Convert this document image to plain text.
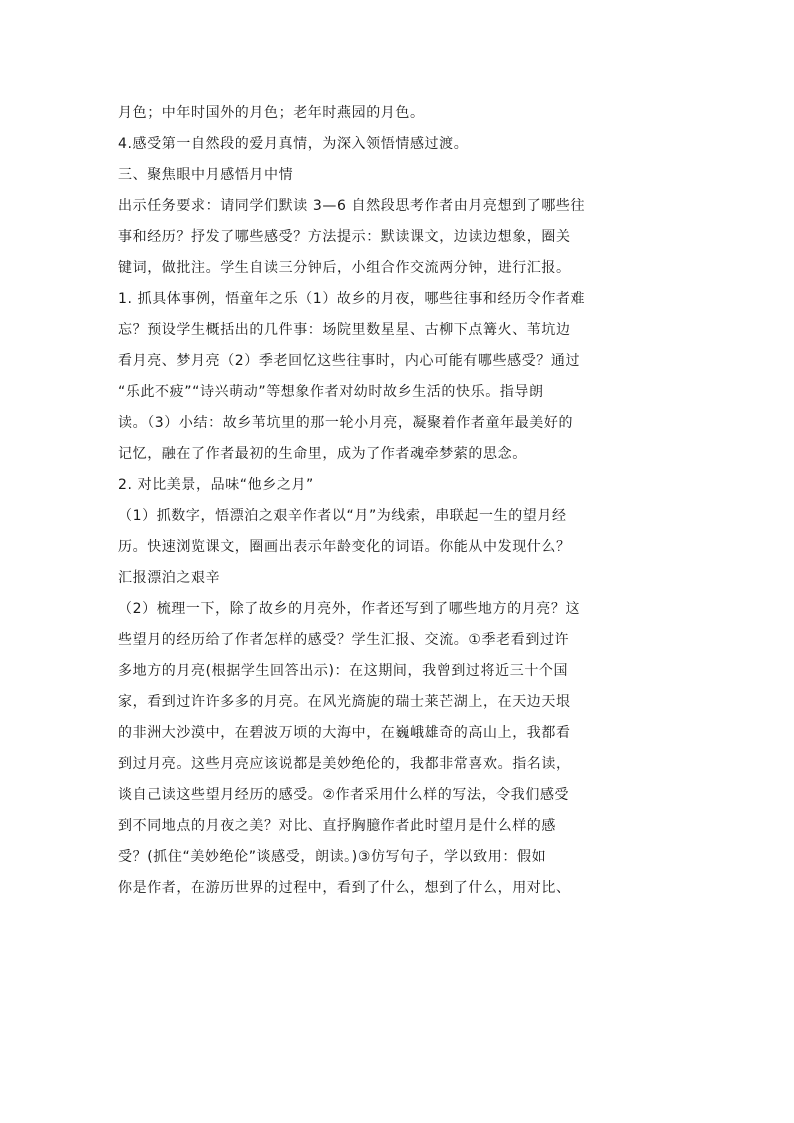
月色；中年时国外的月色；老年时燕园的月色。
4.感受第一自然段的爱月真情，为深入领悟情感过渡。
三、聚焦眼中月感悟月中情
出示任务要求：请同学们默读 3—6 自然段思考作者由月亮想到了哪些往
事和经历？抒发了哪些感受？方法提示：默读课文，边读边想象，圈关
键词，做批注。学生自读三分钟后，小组合作交流两分钟，进行汇报。
1. 抓具体事例，悟童年之乐（1）故乡的月夜，哪些往事和经历令作者难
忘？预设学生概括出的几件事：场院里数星星、古柳下点篝火、苇坑边
看月亮、梦月亮（2）季老回忆这些往事时，内心可能有哪些感受？通过
“乐此不疲”“诗兴萌动”等想象作者对幼时故乡生活的快乐。指导朗
读。（3）小结：故乡苇坑里的那一轮小月亮，凝聚着作者童年最美好的
记忆，融在了作者最初的生命里，成为了作者魂牵梦萦的思念。
2. 对比美景，品味“他乡之月”
（1）抓数字，悟漂泊之艰辛作者以“月”为线索，串联起一生的望月经
历。快速浏览课文，圈画出表示年龄变化的词语。你能从中发现什么？
汇报漂泊之艰辛
（2）梳理一下，除了故乡的月亮外，作者还写到了哪些地方的月亮？这
些望月的经历给了作者怎样的感受？学生汇报、交流。①季老看到过许
多地方的月亮(根据学生回答出示)：在这期间，我曾到过将近三十个国
家，看到过许许多多的月亮。在风光旖旎的瑞士莱芒湖上，在天边天垠
的非洲大沙漠中，在碧波万顷的大海中，在巍峨雄奇的高山上，我都看
到过月亮。这些月亮应该说都是美妙绝伦的，我都非常喜欢。指名读，
谈自己读这些望月经历的感受。②作者采用什么样的写法，令我们感受
到不同地点的月夜之美？对比、直抒胸臆作者此时望月是什么样的感
受？(抓住“美妙绝伦”谈感受，朗读。)③仿写句子，学以致用：假如
你是作者，在游历世界的过程中，看到了什么，想到了什么，用对比、
